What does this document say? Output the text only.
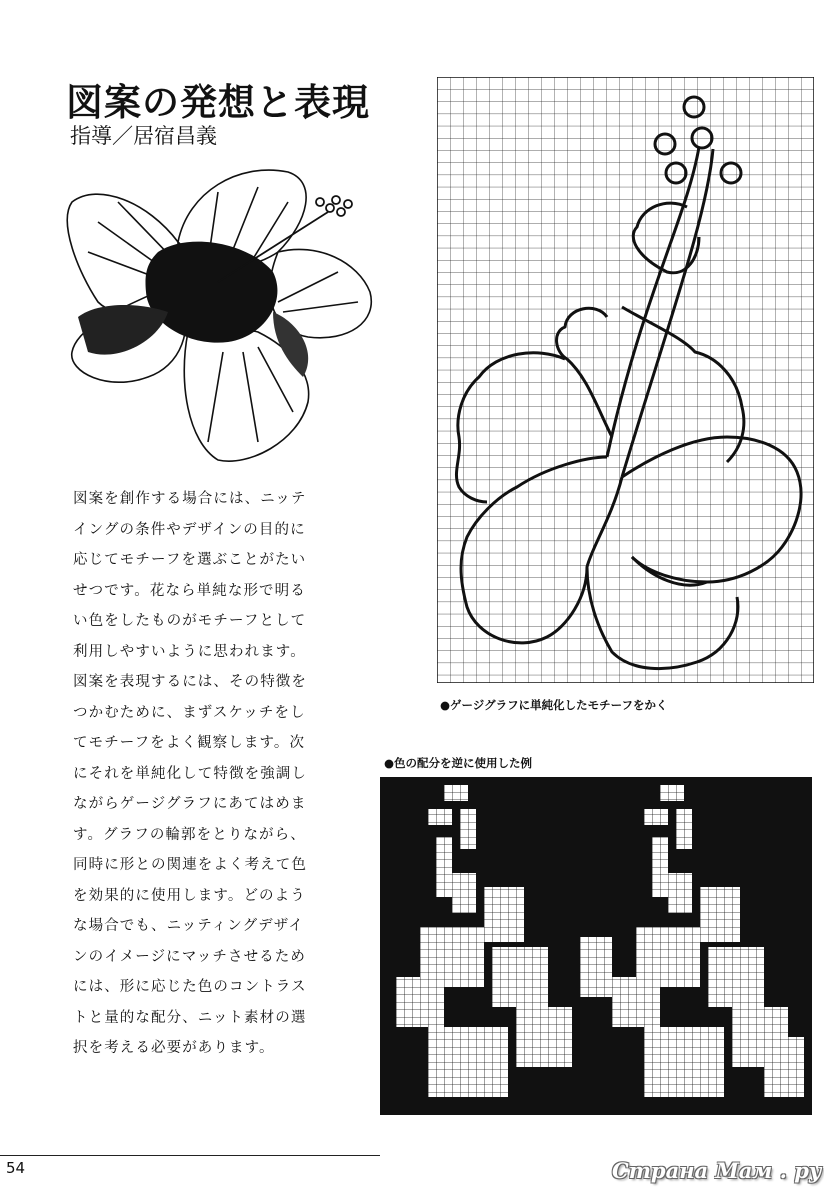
図案の発想と表現
指導／居宿昌義
図案を創作する場合には、ニッテ
イングの条件やデザインの目的に
応じてモチーフを選ぶことがたい
せつです。花なら単純な形で明る
い色をしたものがモチーフとして
利用しやすいように思われます。
図案を表現するには、その特徴を
つかむために、まずスケッチをし
てモチーフをよく観察します。次
にそれを単純化して特徴を強調し
ながらゲージグラフにあてはめま
す。グラフの輪郭をとりながら、
同時に形との関連をよく考えて色
を効果的に使用します。どのよう
な場合でも、ニッティングデザイ
ンのイメージにマッチさせるため
には、形に応じた色のコントラス
トと量的な配分、ニット素材の選
択を考える必要があります。
●ゲージグラフに単純化したモチーフをかく
●色の配分を逆に使用した例
54	Страна Мам . ру
